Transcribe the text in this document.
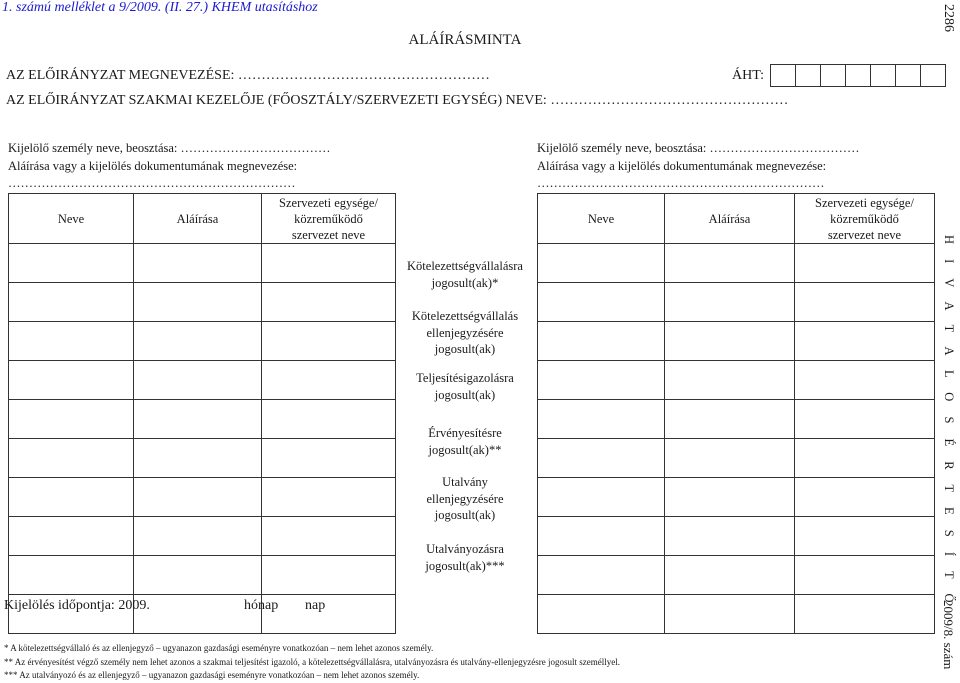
1. számú melléklet a 9/2009. (II. 27.) KHEM utasításhoz
ALÁÍRÁSMINTA
AZ ELŐIRÁNYZAT MEGNEVEZÉSE: ………………………………………………	ÁHT:
AZ ELŐIRÁNYZAT SZAKMAI KEZELŐJE (FŐOSZTÁLY/SZERVEZETI EGYSÉG) NEVE: ……………………………………………
2286
H I V A T A L O S É R T E S Í T Ő
2009/8. szám
Kijelölő személy neve, beosztása: ………………………………
Aláírása vagy a kijelölés dokumentumának megnevezése:
……………………………………………………………
Kijelölő személy neve, beosztása: ………………………………
Aláírása vagy a kijelölés dokumentumának megnevezése:
……………………………………………………………
Neve	Aláírása	Szervezeti egysége/
közreműködő
szervezet neve

Neve	Aláírása	Szervezeti egysége/
közreműködő
szervezet neve

Kötelezettségvállalásra
jogosult(ak)*
Kötelezettségvállalás
ellenjegyzésére
jogosult(ak)
Teljesítésigazolásra
jogosult(ak)
Érvényesítésre
jogosult(ak)**
Utalvány
ellenjegyzésére
jogosult(ak)
Utalványozásra
jogosult(ak)***
Kijelölés időpontja: 2009.	hónap nap
* A kötelezettségvállaló és az ellenjegyző – ugyanazon gazdasági eseményre vonatkozóan – nem lehet azonos személy.
** Az érvényesítést végző személy nem lehet azonos a szakmai teljesítést igazoló, a kötelezettségvállalásra, utalványozásra és utalvány-ellenjegyzésre jogosult személlyel.
*** Az utalványozó és az ellenjegyző – ugyanazon gazdasági eseményre vonatkozóan – nem lehet azonos személy.
